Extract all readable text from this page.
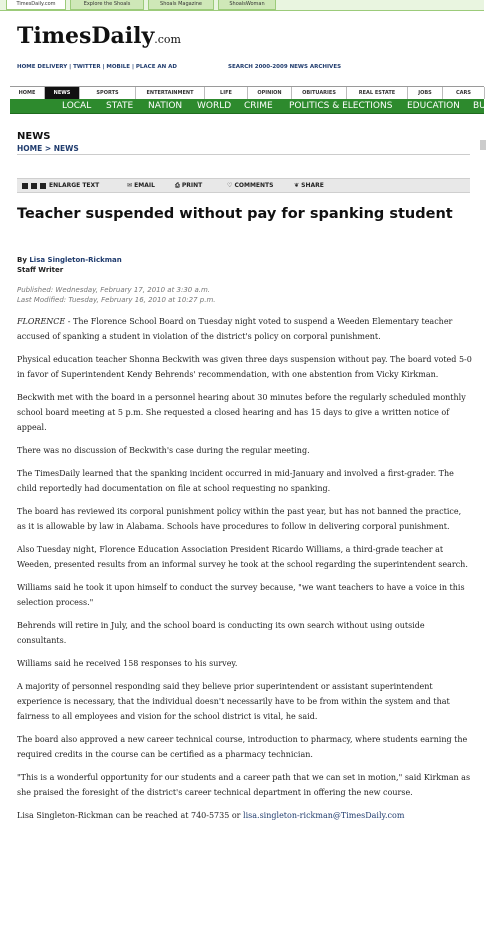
TimesDaily.com	Explore the Shoals	Shoals Magazine	ShoalsWoman
TimesDaily.com
HOME DELIVERY | TWITTER | MOBILE | PLACE AN AD	SEARCH 2000-2009 NEWS ARCHIVES
HOME	NEWS	SPORTS	ENTERTAINMENT	LIFE	OPINION	OBITUARIES	REAL ESTATE	JOBS	CARS
LOCAL STATE NATION WORLD CRIME POLITICS & ELECTIONS EDUCATION BU
NEWS
HOME > NEWS
ENLARGE TEXT	✉ EMAIL	⎙ PRINT	♡ COMMENTS	❦ SHARE
Teacher suspended without pay for spanking student
By Lisa Singleton-Rickman
Staff Writer
Published: Wednesday, February 17, 2010 at 3:30 a.m.
Last Modified: Tuesday, February 16, 2010 at 10:27 p.m.

FLORENCE - The Florence School Board on Tuesday night voted to suspend a Weeden Elementary teacher accused of spanking a student in violation of the district's policy on corporal punishment.

Physical education teacher Shonna Beckwith was given three days suspension without pay. The board voted 5-0 in favor of Superintendent Kendy Behrends' recommendation, with one abstention from Vicky Kirkman.

Beckwith met with the board in a personnel hearing about 30 minutes before the regularly scheduled monthly school board meeting at 5 p.m. She requested a closed hearing and has 15 days to give a written notice of appeal.

There was no discussion of Beckwith's case during the regular meeting.

The TimesDaily learned that the spanking incident occurred in mid-January and involved a first-grader. The child reportedly had documentation on file at school requesting no spanking.

The board has reviewed its corporal punishment policy within the past year, but has not banned the practice, as it is allowable by law in Alabama. Schools have procedures to follow in delivering corporal punishment.

Also Tuesday night, Florence Education Association President Ricardo Williams, a third-grade teacher at Weeden, presented results from an informal survey he took at the school regarding the superintendent search.

Williams said he took it upon himself to conduct the survey because, "we want teachers to have a voice in this selection process."

Behrends will retire in July, and the school board is conducting its own search without using outside consultants.

Williams said he received 158 responses to his survey.

A majority of personnel responding said they believe prior superintendent or assistant superintendent experience is necessary, that the individual doesn't necessarily have to be from within the system and that fairness to all employees and vision for the school district is vital, he said.

The board also approved a new career technical course, introduction to pharmacy, where students earning the required credits in the course can be certified as a pharmacy technician.

"This is a wonderful opportunity for our students and a career path that we can set in motion," said Kirkman as she praised the foresight of the district's career technical department in offering the new course.

Lisa Singleton-Rickman can be reached at 740-5735 or lisa.singleton-rickman@TimesDaily.com
